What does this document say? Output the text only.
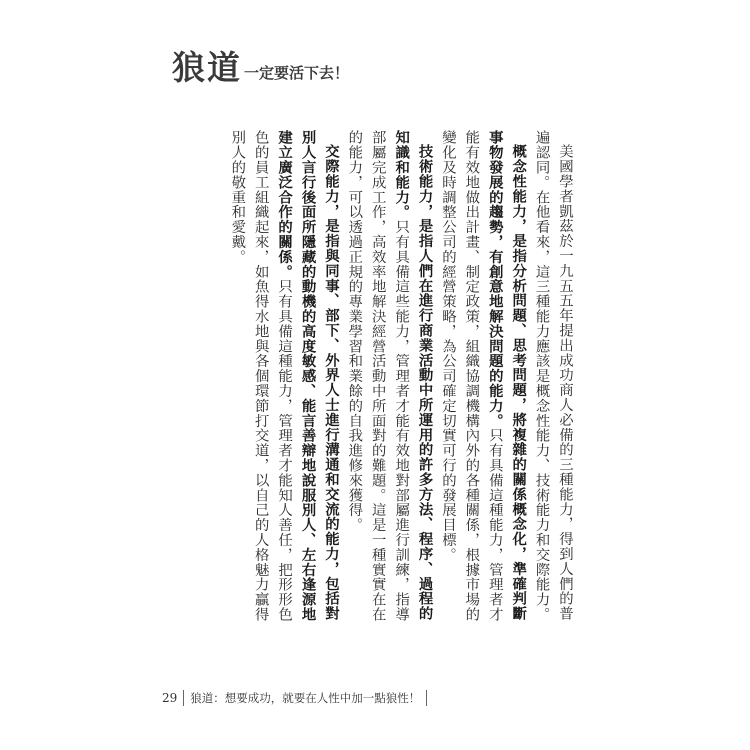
狼道 一定要活下去！

美國學者凱茲於一九五五年提出成功商人必備的三種能力，得到人們的普遍認同。在他看來，這三種能力應該是概念性能力、技術能力和交際能力。

概念性能力，是指分析問題、思考問題，將複雜的關係概念化，準確判斷事物發展的趨勢，有創意地解決問題的能力。只有具備這種能力，管理者才能有效地做出計畫、制定政策，組織協調機構內外的各種關係，根據市場的變化及時調整公司的經營策略，為公司確定切實可行的發展目標。

技術能力，是指人們在進行商業活動中所運用的許多方法、程序、過程的知識和能力。只有具備這些能力，管理者才能有效地對部屬進行訓練，指導部屬完成工作，高效率地解決經營活動中所面對的難題。這是一種實實在在的能力，可以透過正規的專業學習和業餘的自我進修來獲得。

交際能力，是指與同事、部下、外界人士進行溝通和交流的能力，包括對別人言行後面所隱藏的動機的高度敏感、能言善辯地說服別人、左右逢源地建立廣泛合作的關係。只有具備這種能力，管理者才能知人善任，把形形色色的員工組織起來，如魚得水地與各個環節打交道，以自己的人格魅力贏得別人的敬重和愛戴。

29 狼道：想要成功，就要在人性中加一點狼性！
